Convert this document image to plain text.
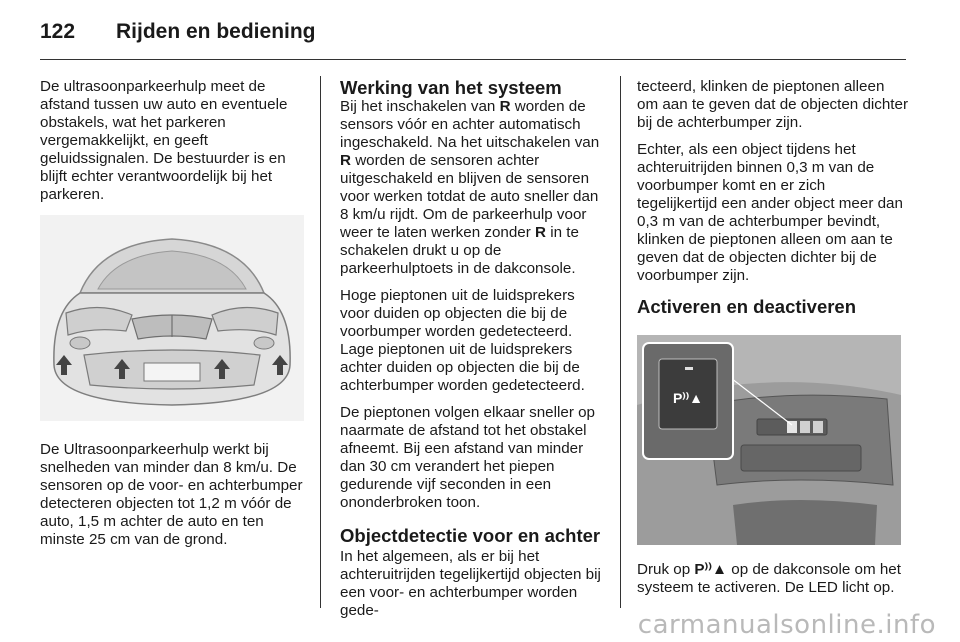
122 Rijden en bediening

De ultrasoonparkeerhulp meet de afstand tussen uw auto en eventuele obstakels, wat het parkeren vergemakkelijkt, en geeft geluidssignalen. De bestuurder is en blijft echter verantwoordelijk bij het parkeren.

De Ultrasoonparkeerhulp werkt bij snelheden van minder dan 8 km/u. De sensoren op de voor- en achterbumper detecteren objecten tot 1,2 m vóór de auto, 1,5 m achter de auto en ten minste 25 cm van de grond.

Werking van het systeem

Bij het inschakelen van R worden de sensors vóór en achter automatisch ingeschakeld. Na het uitschakelen van R worden de sensoren achter uitgeschakeld en blijven de sensoren voor werken totdat de auto sneller dan 8 km/u rijdt. Om de parkeerhulp voor weer te laten werken zonder R in te schakelen drukt u op de parkeerhulptoets in de dakconsole.

Hoge pieptonen uit de luidsprekers voor duiden op objecten die bij de voorbumper worden gedetecteerd. Lage pieptonen uit de luidsprekers achter duiden op objecten die bij de achterbumper worden gedetecteerd.

De pieptonen volgen elkaar sneller op naarmate de afstand tot het obstakel afneemt. Bij een afstand van minder dan 30 cm verandert het piepen gedurende vijf seconden in een ononderbroken toon.

Objectdetectie voor en achter

In het algemeen, als er bij het achteruitrijden tegelijkertijd objecten bij een voor- en achterbumper worden gede-

tecteerd, klinken de pieptonen alleen om aan te geven dat de objecten dichter bij de achterbumper zijn.

Echter, als een object tijdens het achteruitrijden binnen 0,3 m van de voorbumper komt en er zich tegelijkertijd een ander object meer dan 0,3 m van de achterbumper bevindt, klinken de pieptonen alleen om aan te geven dat de objecten dichter bij de voorbumper zijn.

Activeren en deactiveren
P⁾⁾▲

Druk op P⁾⁾▲ op de dakconsole om het systeem te activeren. De LED licht op.

carmanualsonline.info
